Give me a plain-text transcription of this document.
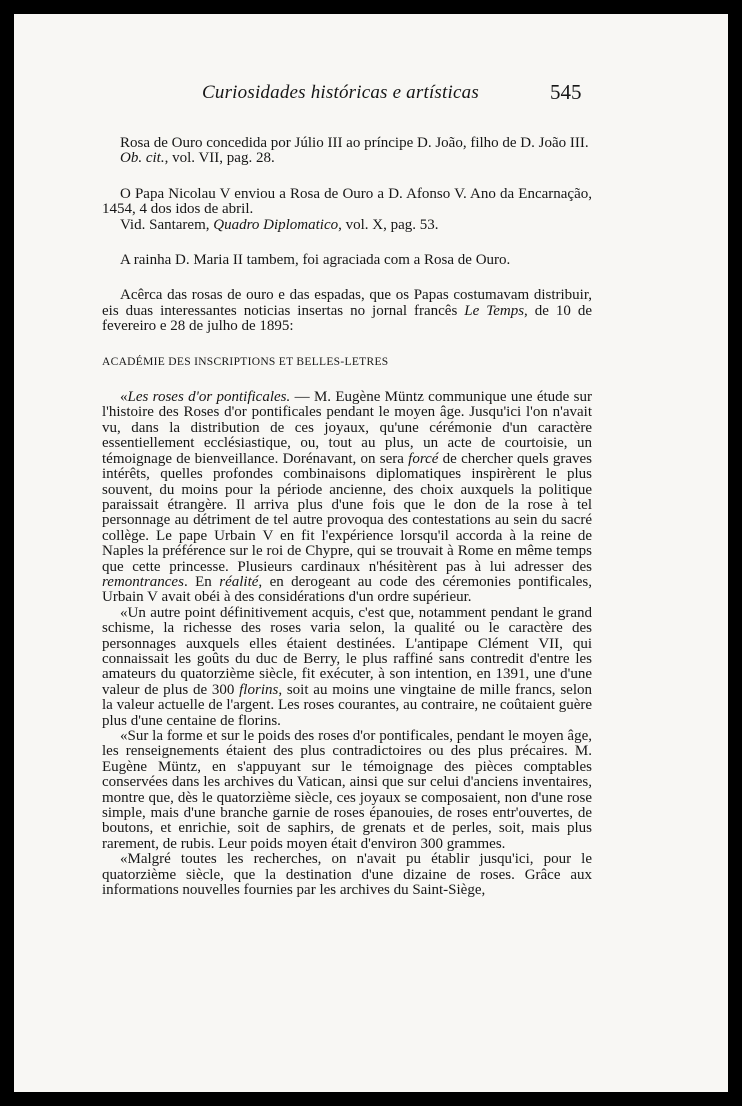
Curiosidades históricas e artísticas	545

Rosa de Ouro concedida por Júlio III ao príncipe D. João, filho de D. João III.

Ob. cit., vol. VII, pag. 28.

O Papa Nicolau V enviou a Rosa de Ouro a D. Afonso V. Ano da Encarnação, 1454, 4 dos idos de abril.

Vid. Santarem, Quadro Diplomatico, vol. X, pag. 53.

A rainha D. Maria II tambem, foi agraciada com a Rosa de Ouro.

Acêrca das rosas de ouro e das espadas, que os Papas costumavam distribuir, eis duas interessantes noticias insertas no jornal francês Le Temps, de 10 de fevereiro e 28 de julho de 1895:

ACADÉMIE DES INSCRIPTIONS ET BELLES-LETRES

«Les roses d'or pontificales. — M. Eugène Müntz communique une étude sur l'histoire des Roses d'or pontificales pendant le moyen âge. Jusqu'ici l'on n'avait vu, dans la distribution de ces joyaux, qu'une cérémonie d'un caractère essentiellement ecclésiastique, ou, tout au plus, un acte de courtoisie, un témoignage de bienveillance. Dorénavant, on sera forcé de chercher quels graves intérêts, quelles profondes combinaisons diplomatiques inspirèrent le plus souvent, du moins pour la période ancienne, des choix auxquels la politique paraissait étrangère. Il arriva plus d'une fois que le don de la rose à tel personnage au détriment de tel autre provoqua des contestations au sein du sacré collège. Le pape Urbain V en fit l'expérience lorsqu'il accorda à la reine de Naples la préférence sur le roi de Chypre, qui se trouvait à Rome en même temps que cette princesse. Plusieurs cardinaux n'hésitèrent pas à lui adresser des remontrances. En réalité, en derogeant au code des céremonies pontificales, Urbain V avait obéi à des considérations d'un ordre supérieur.

«Un autre point définitivement acquis, c'est que, notamment pendant le grand schisme, la richesse des roses varia selon, la qualité ou le caractère des personnages auxquels elles étaient destinées. L'antipape Clément VII, qui connaissait les goûts du duc de Berry, le plus raffiné sans contredit d'entre les amateurs du quatorzième siècle, fit exécuter, à son intention, en 1391, une d'une valeur de plus de 300 florins, soit au moins une vingtaine de mille francs, selon la valeur actuelle de l'argent. Les roses courantes, au contraire, ne coûtaient guère plus d'une centaine de florins.

«Sur la forme et sur le poids des roses d'or pontificales, pendant le moyen âge, les renseignements étaient des plus contradictoires ou des plus précaires. M. Eugène Müntz, en s'appuyant sur le témoignage des pièces comptables conservées dans les archives du Vatican, ainsi que sur celui d'anciens inventaires, montre que, dès le quatorzième siècle, ces joyaux se composaient, non d'une rose simple, mais d'une branche garnie de roses épanouies, de roses entr'ouvertes, de boutons, et enrichie, soit de saphirs, de grenats et de perles, soit, mais plus rarement, de rubis. Leur poids moyen était d'environ 300 grammes.

«Malgré toutes les recherches, on n'avait pu établir jusqu'ici, pour le quatorzième siècle, que la destination d'une dizaine de roses. Grâce aux informations nouvelles fournies par les archives du Saint-Siège,
